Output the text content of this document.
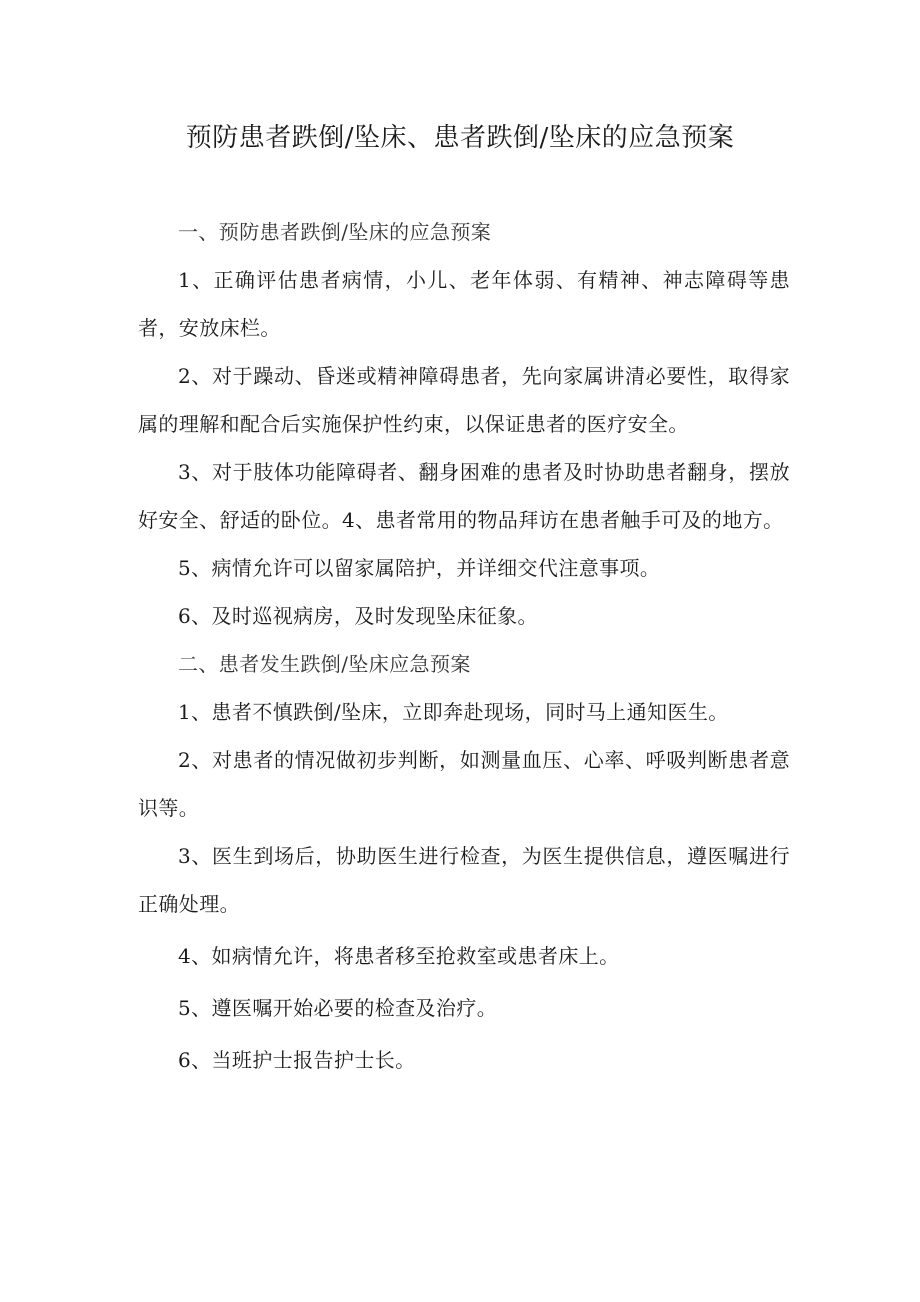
预防患者跌倒/坠床、患者跌倒/坠床的应急预案

一、预防患者跌倒/坠床的应急预案

1、正确评估患者病情，小儿、老年体弱、有精神、神志障碍等患者，安放床栏。

2、对于躁动、昏迷或精神障碍患者，先向家属讲清必要性，取得家属的理解和配合后实施保护性约束，以保证患者的医疗安全。

3、对于肢体功能障碍者、翻身困难的患者及时协助患者翻身，摆放好安全、舒适的卧位。4、患者常用的物品拜访在患者触手可及的地方。

5、病情允许可以留家属陪护，并详细交代注意事项。

6、及时巡视病房，及时发现坠床征象。

二、患者发生跌倒/坠床应急预案

1、患者不慎跌倒/坠床，立即奔赴现场，同时马上通知医生。

2、对患者的情况做初步判断，如测量血压、心率、呼吸判断患者意识等。

3、医生到场后，协助医生进行检查，为医生提供信息，遵医嘱进行正确处理。

4、如病情允许，将患者移至抢救室或患者床上。

5、遵医嘱开始必要的检查及治疗。

6、当班护士报告护士长。
